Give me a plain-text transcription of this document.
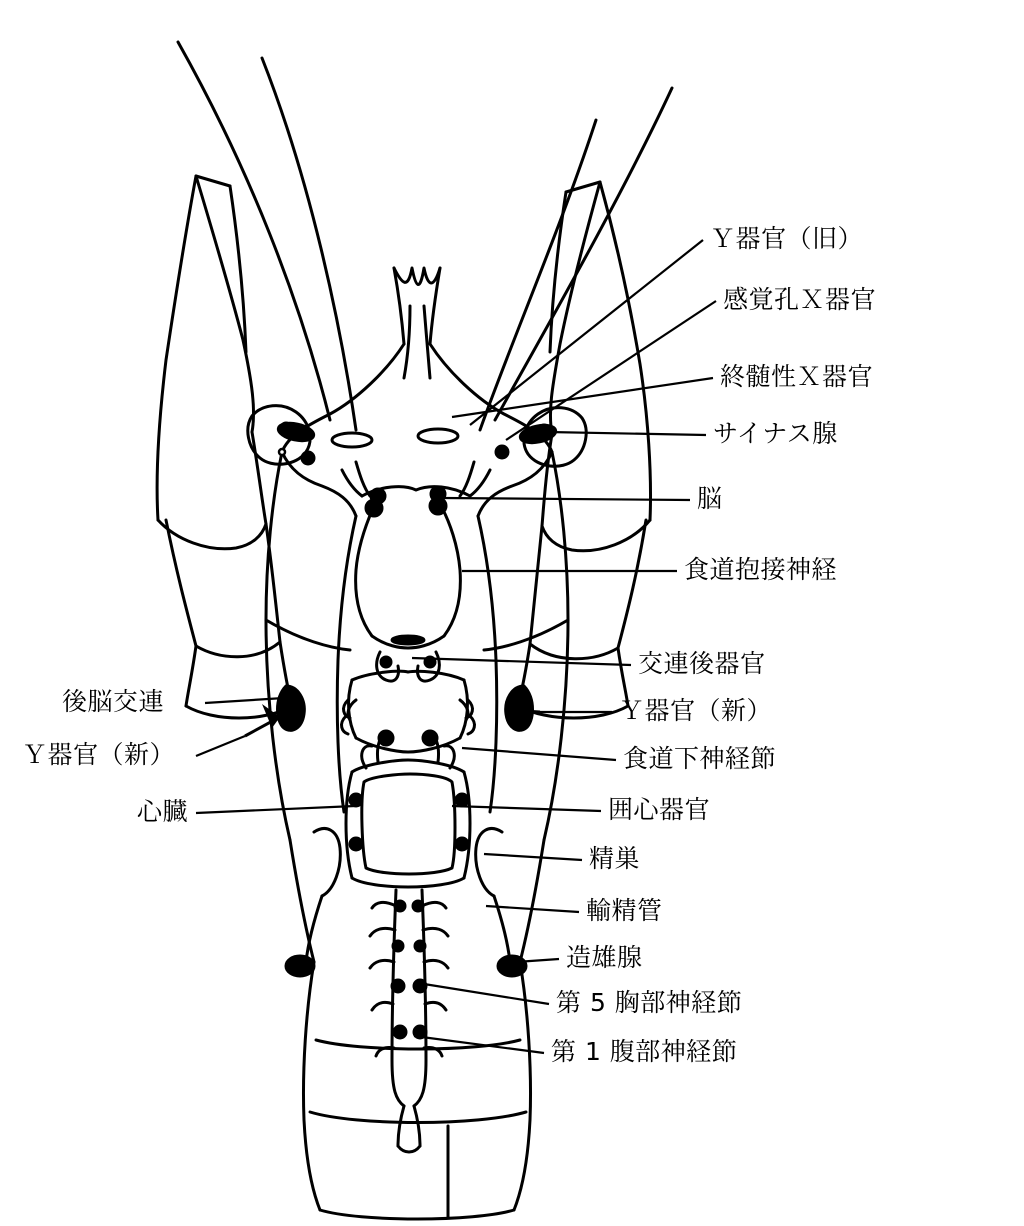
Ｙ器官（旧）
感覚孔Ｘ器官
終髄性Ｘ器官
サイナス腺
脳
食道抱接神経
交連後器官
Ｙ器官（新）
食道下神経節
囲心器官
精巣
輸精管
造雄腺
第 5 胸部神経節
第 1 腹部神経節
後脳交連
Ｙ器官（新）
心臓
